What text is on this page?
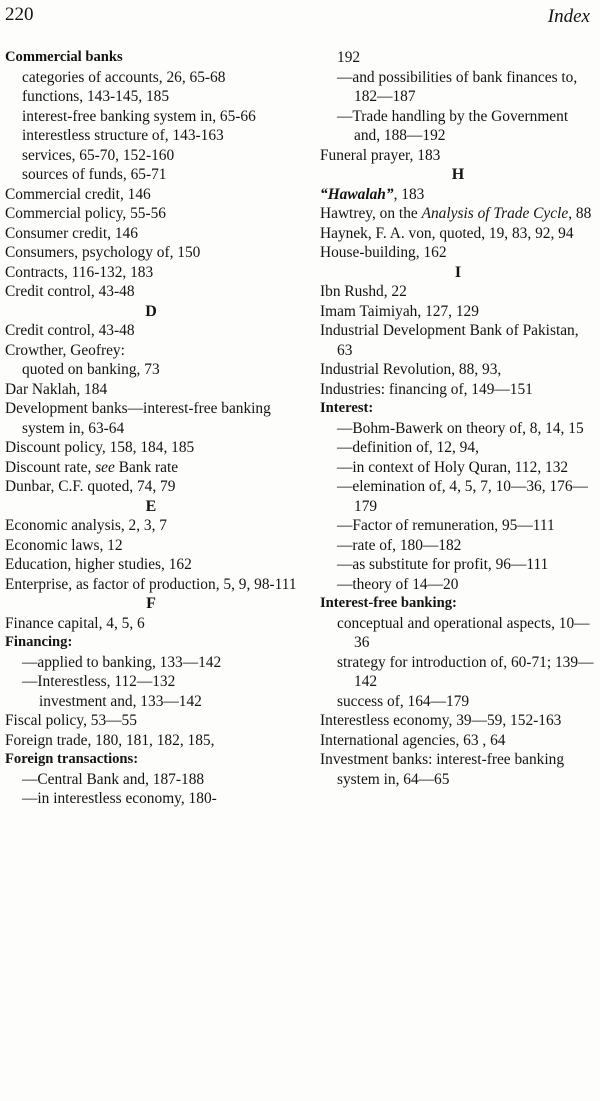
220	Index

Commercial banks

categories of accounts, 26, 65-68

functions, 143-145, 185

interest-free banking system in, 65-66

interestless structure of, 143-163

services, 65-70, 152-160

sources of funds, 65-71

Commercial credit, 146

Commercial policy, 55-56

Consumer credit, 146

Consumers, psychology of, 150

Contracts, 116-132, 183

Credit control, 43-48

D

Credit control, 43-48

Crowther, Geofrey:

quoted on banking, 73

Dar Naklah, 184

Development banks—interest-free banking system in, 63-64

Discount policy, 158, 184, 185

Discount rate, see Bank rate

Dunbar, C.F. quoted, 74, 79

E

Economic analysis, 2, 3, 7

Economic laws, 12

Education, higher studies, 162

Enterprise, as factor of production, 5, 9, 98-111

F

Finance capital, 4, 5, 6

Financing:

—applied to banking, 133—142

—Interestless, 112—132

investment and, 133—142

Fiscal policy, 53—55

Foreign trade, 180, 181, 182, 185,

Foreign transactions:

—Central Bank and, 187-188

—in interestless economy, 180-

192

—and possibilities of bank finances to, 182—187

—Trade handling by the Government and, 188—192

Funeral prayer, 183

H

“Hawalah”, 183

Hawtrey, on the Analysis of Trade Cycle, 88

Haynek, F. A. von, quoted, 19, 83, 92, 94

House-building, 162

I

Ibn Rushd, 22

Imam Taimiyah, 127, 129

Industrial Development Bank of Pakistan, 63

Industrial Revolution, 88, 93,

Industries: financing of, 149—151

Interest:

—Bohm-Bawerk on theory of, 8, 14, 15

—definition of, 12, 94,

—in context of Holy Quran, 112, 132

—elemination of, 4, 5, 7, 10—36, 176—179

—Factor of remuneration, 95—111

—rate of, 180—182

—as substitute for profit, 96—111

—theory of 14—20

Interest-free banking:

conceptual and operational aspects, 10—36

strategy for introduction of, 60-71; 139—142

success of, 164—179

Interestless economy, 39—59, 152-163

International agencies, 63 , 64

Investment banks: interest-free banking system in, 64—65
